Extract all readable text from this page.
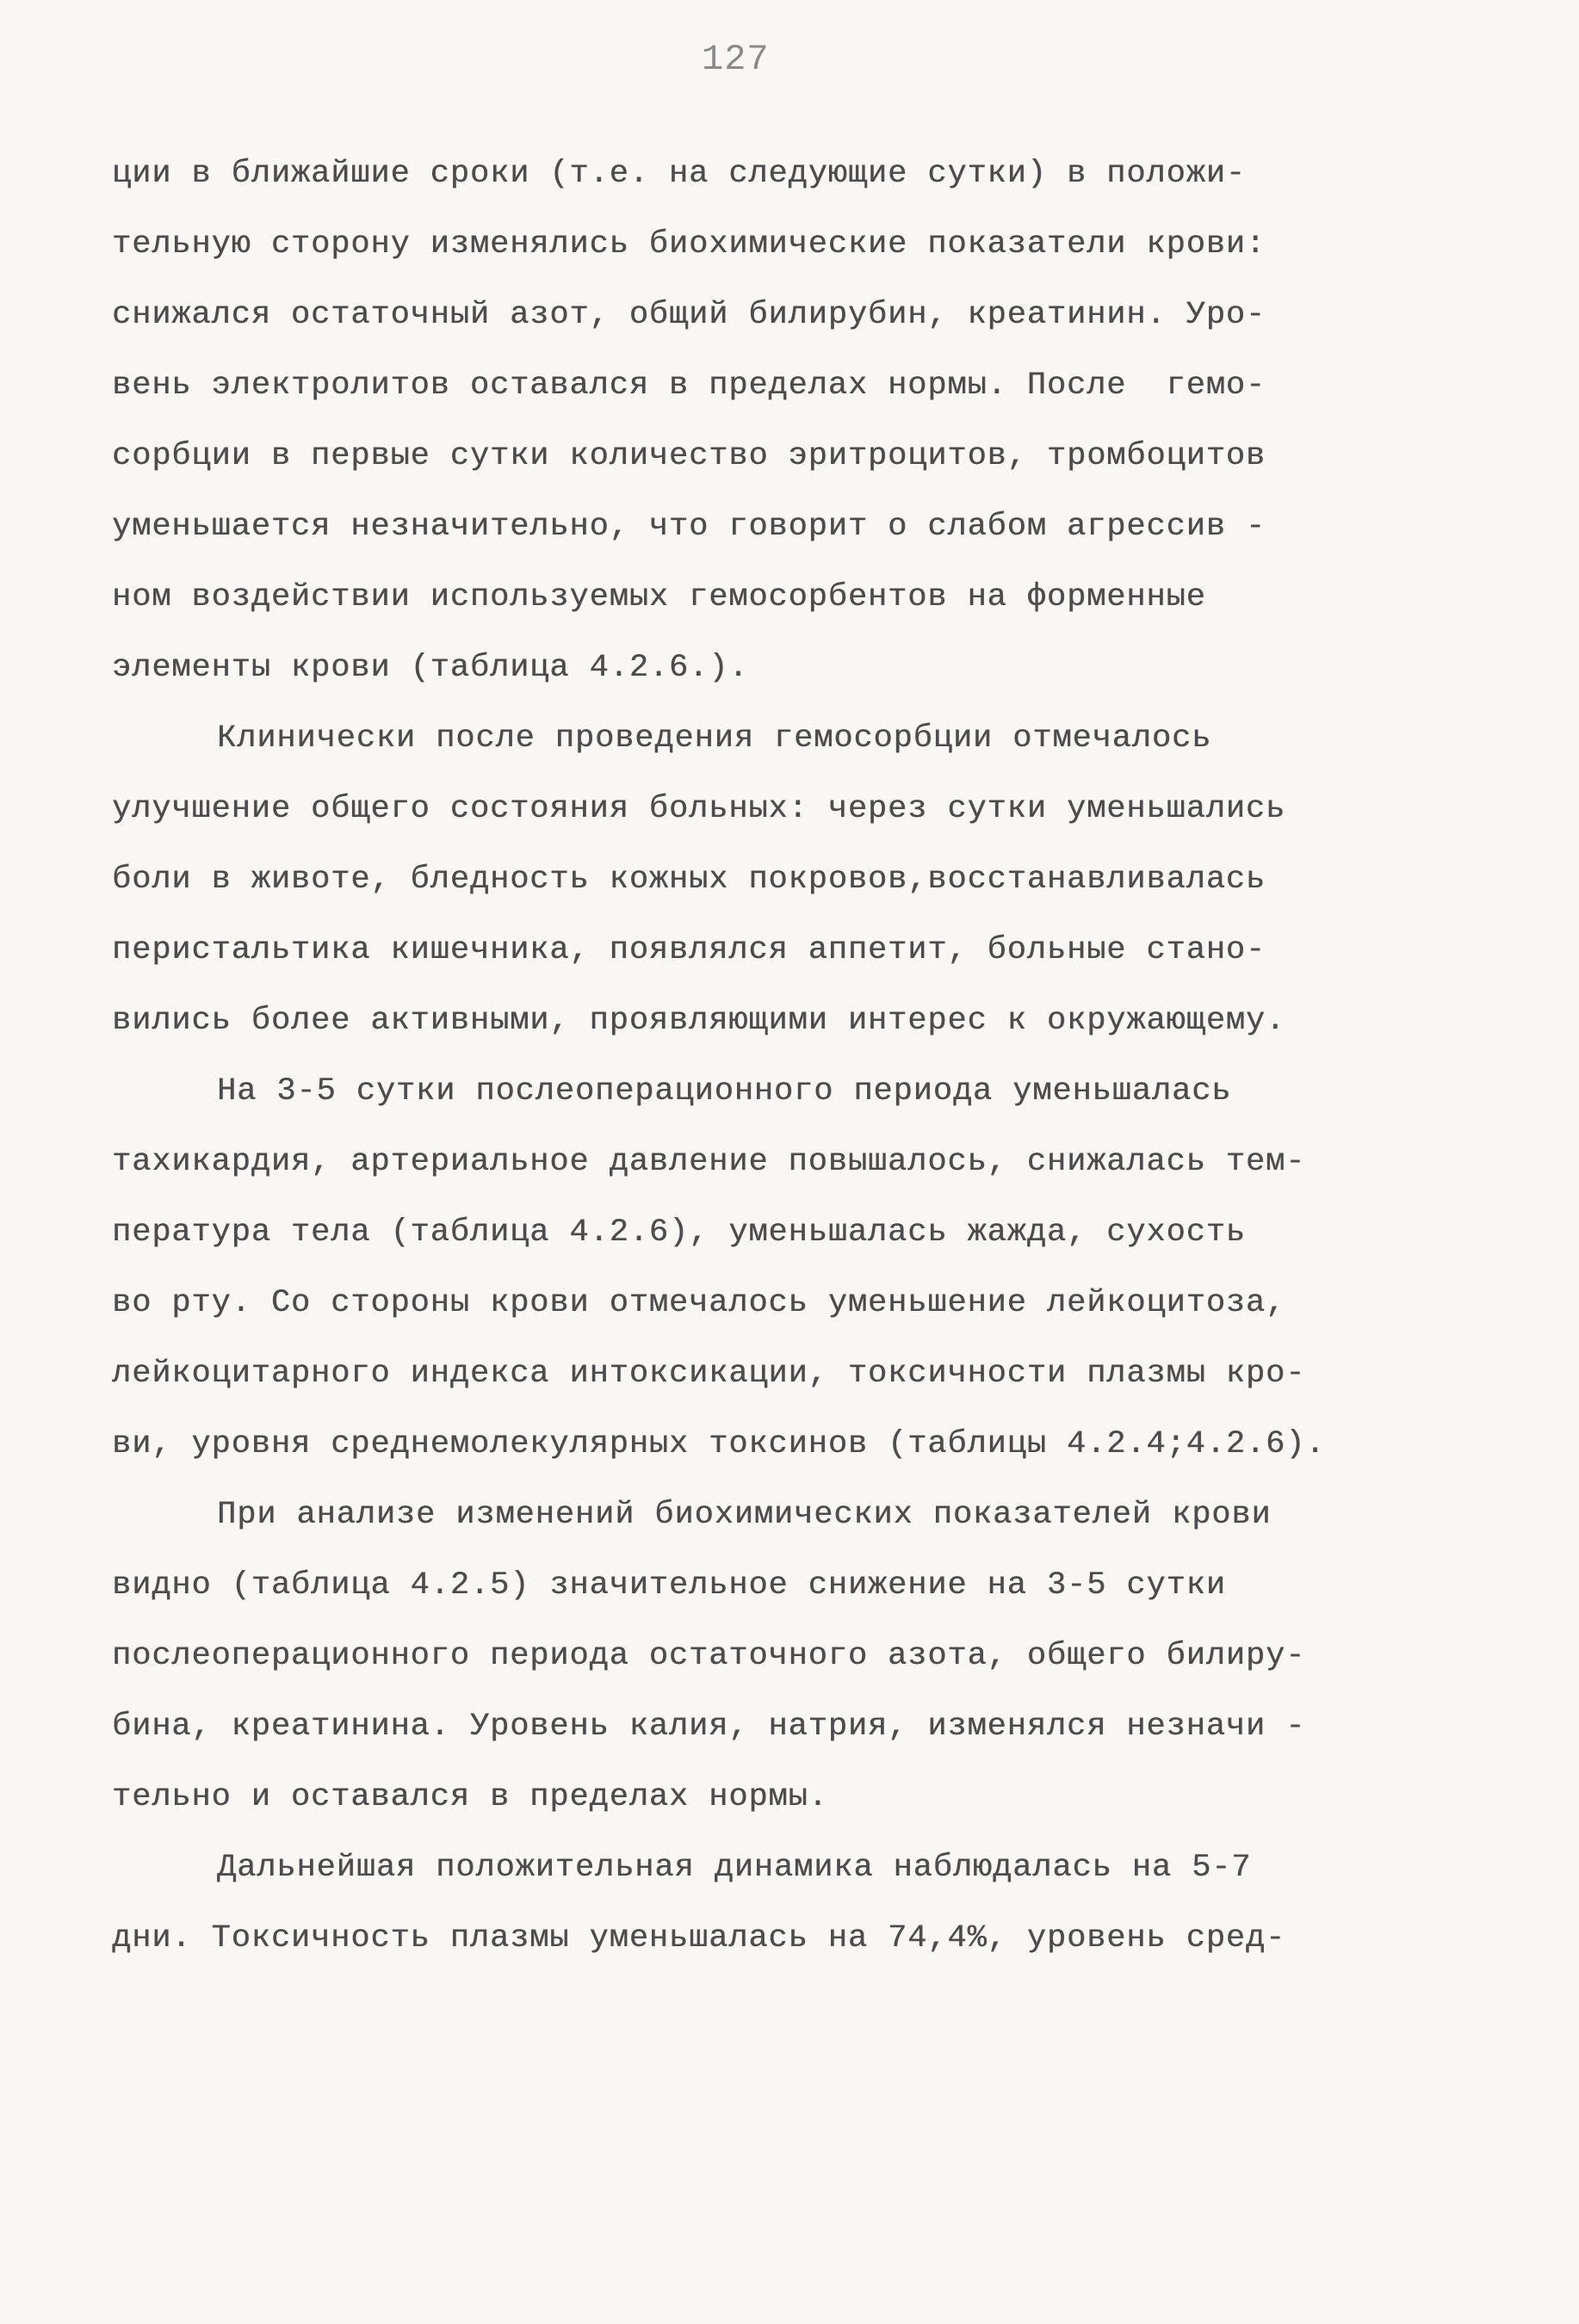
127
ции в ближайшие сроки (т.е. на следующие сутки) в положи-
тельную сторону изменялись биохимические показатели крови:
снижался остаточный азот, общий билирубин, креатинин. Уро-
вень электролитов оставался в пределах нормы. После  гемо-
сорбции в первые сутки количество эритроцитов, тромбоцитов
уменьшается незначительно, что говорит о слабом агрессив -
ном воздействии используемых гемосорбентов на форменные
элементы крови (таблица 4.2.6.).
Клинически после проведения гемосорбции отмечалось
улучшение общего состояния больных: через сутки уменьшались
боли в животе, бледность кожных покровов,восстанавливалась
перистальтика кишечника, появлялся аппетит, больные стано-
вились более активными, проявляющими интерес к окружающему.
На 3-5 сутки послеоперационного периода уменьшалась
тахикардия, артериальное давление повышалось, снижалась тем-
пература тела (таблица 4.2.6), уменьшалась жажда, сухость
во рту. Со стороны крови отмечалось уменьшение лейкоцитоза,
лейкоцитарного индекса интоксикации, токсичности плазмы кро-
ви, уровня среднемолекулярных токсинов (таблицы 4.2.4;4.2.6).
При анализе изменений биохимических показателей крови
видно (таблица 4.2.5) значительное снижение на 3-5 сутки
послеоперационного периода остаточного азота, общего билиру-
бина, креатинина. Уровень калия, натрия, изменялся незначи -
тельно и оставался в пределах нормы.
Дальнейшая положительная динамика наблюдалась на 5-7
дни. Токсичность плазмы уменьшалась на 74,4%, уровень сред-
